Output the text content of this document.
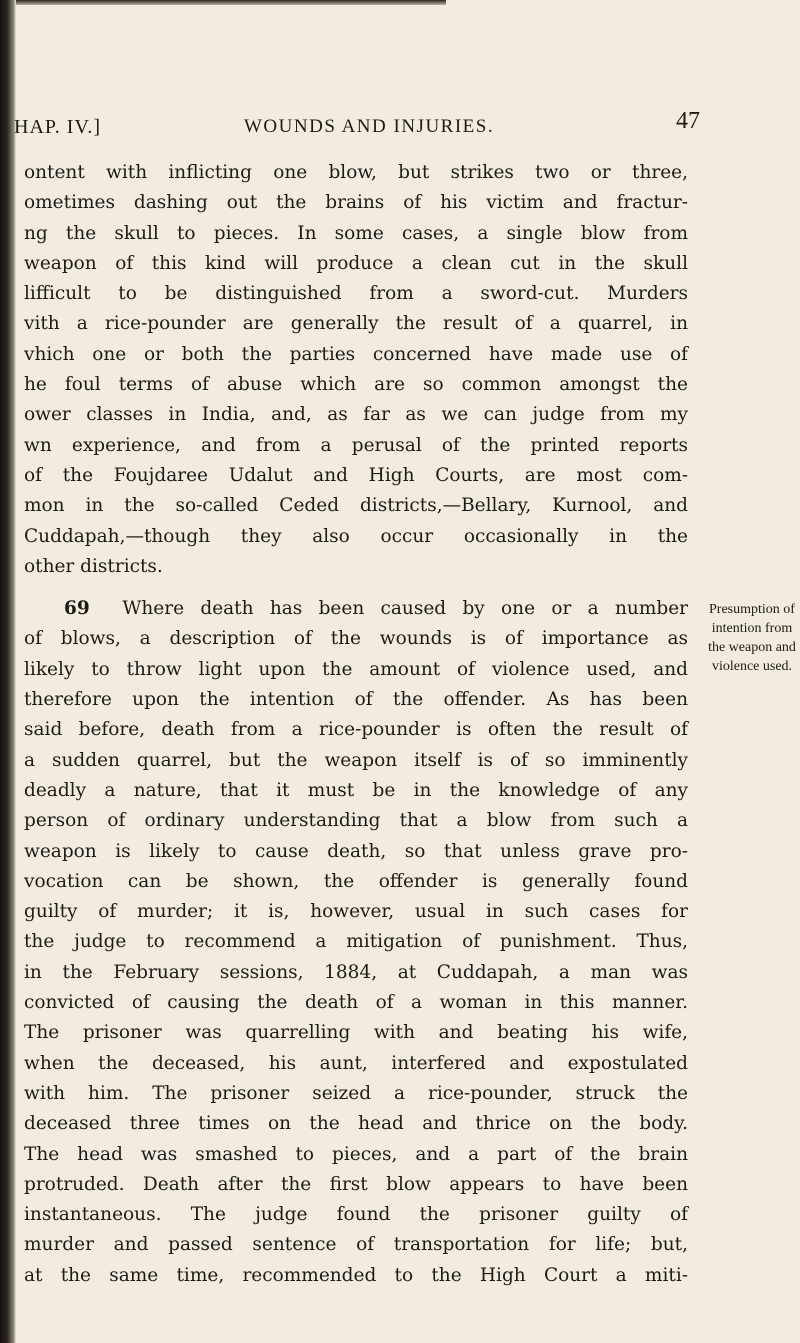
HAP. IV.]	WOUNDS AND INJURIES.	47
ontent with inflicting one blow, but strikes two or three,
ometimes dashing out the brains of his victim and fractur-
ng the skull to pieces. In some cases, a single blow from
weapon of this kind will produce a clean cut in the skull
lifficult to be distinguished from a sword-cut. Murders
vith a rice-pounder are generally the result of a quarrel, in
vhich one or both the parties concerned have made use of
he foul terms of abuse which are so common amongst the
ower classes in India, and, as far as we can judge from my
wn experience, and from a perusal of the printed reports
of the Foujdaree Udalut and High Courts, are most com-
mon in the so-called Ceded districts,—Bellary, Kurnool, and
Cuddapah,—though they also occur occasionally in the
other districts.
69 Where death has been caused by one or a number
of blows, a description of the wounds is of importance as
likely to throw light upon the amount of violence used, and
therefore upon the intention of the offender. As has been
said before, death from a rice-pounder is often the result of
a sudden quarrel, but the weapon itself is of so imminently
deadly a nature, that it must be in the knowledge of any
person of ordinary understanding that a blow from such a
weapon is likely to cause death, so that unless grave pro-
vocation can be shown, the offender is generally found
guilty of murder; it is, however, usual in such cases for
the judge to recommend a mitigation of punishment. Thus,
in the February sessions, 1884, at Cuddapah, a man was
convicted of causing the death of a woman in this manner.
The prisoner was quarrelling with and beating his wife,
when the deceased, his aunt, interfered and expostulated
with him. The prisoner seized a rice-pounder, struck the
deceased three times on the head and thrice on the body.
The head was smashed to pieces, and a part of the brain
protruded. Death after the first blow appears to have been
instantaneous. The judge found the prisoner guilty of
murder and passed sentence of transportation for life; but,
at the same time, recommended to the High Court a miti-
Presumption of
intention from
the weapon and
violence used.
